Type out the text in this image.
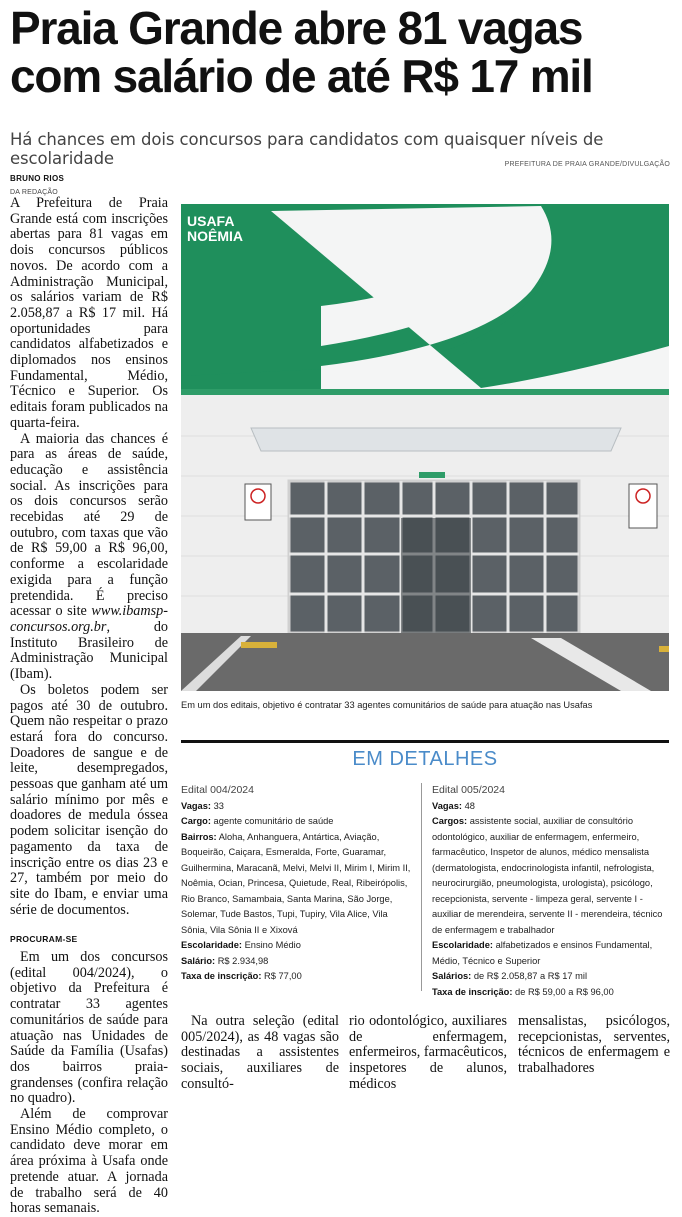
Praia Grande abre 81 vagas com salário de até R$ 17 mil
Há chances em dois concursos para candidatos com quaisquer níveis de escolaridade	PREFEITURA DE PRAIA GRANDE/DIVULGAÇÃO
BRUNO RIOS
DA REDAÇÃO

A Prefeitura de Praia Grande está com inscrições abertas para 81 vagas em dois concursos públicos novos. De acordo com a Administração Municipal, os salários variam de R$ 2.058,87 a R$ 17 mil. Há oportunidades para candidatos alfabetizados e diplomados nos ensinos Fundamental, Médio, Técnico e Superior. Os editais foram publicados na quarta-feira.

A maioria das chances é para as áreas de saúde, educação e assistência social. As inscrições para os dois concursos serão recebidas até 29 de outubro, com taxas que vão de R$ 59,00 a R$ 96,00, conforme a escolaridade exigida para a função pretendida. É preciso acessar o site www.ibamsp-concursos.org.br, do Instituto Brasileiro de Administração Municipal (Ibam).

Os boletos podem ser pagos até 30 de outubro. Quem não respeitar o prazo estará fora do concurso. Doadores de sangue e de leite, desempregados, pessoas que ganham até um salário mínimo por mês e doadores de medula óssea podem solicitar isenção do pagamento da taxa de inscrição entre os dias 23 e 27, também por meio do site do Ibam, e enviar uma série de documentos.

PROCURAM-SE

Em um dos concursos (edital 004/2024), o objetivo da Prefeitura é contratar 33 agentes comunitários de saúde para atuação nas Unidades de Saúde da Família (Usafas) dos bairros praia-grandenses (confira relação no quadro).

Além de comprovar Ensino Médio completo, o candidato deve morar em área próxima à Usafa onde pretende atuar. A jornada de trabalho será de 40 horas semanais.

USAFA
NOÊMIA
Em um dos editais, objetivo é contratar 33 agentes comunitários de saúde para atuação nas Usafas
EM DETALHES
Edital 004/2024
Vagas: 33
Cargo: agente comunitário de saúde
Bairros: Aloha, Anhanguera, Antártica, Aviação, Boqueirão, Caiçara, Esmeralda, Forte, Guaramar, Guilhermina, Maracanã, Melvi, Melvi II, Mirim I, Mirim II, Noêmia, Ocian, Princesa, Quietude, Real, Ribeirópolis, Rio Branco, Samambaia, Santa Marina, São Jorge, Solemar, Tude Bastos, Tupi, Tupiry, Vila Alice, Vila Sônia, Vila Sônia II e Xixová
Escolaridade: Ensino Médio
Salário: R$ 2.934,98
Taxa de inscrição: R$ 77,00
Edital 005/2024
Vagas: 48
Cargos: assistente social, auxiliar de consultório odontológico, auxiliar de enfermagem, enfermeiro, farmacêutico, Inspetor de alunos, médico mensalista (dermatologista, endocrinologista infantil, nefrologista, neurocirurgião, pneumologista, urologista), psicólogo, recepcionista, servente - limpeza geral, servente I - auxiliar de merendeira, servente II - merendeira, técnico de enfermagem e trabalhador
Escolaridade: alfabetizados e ensinos Fundamental, Médio, Técnico e Superior
Salários: de R$ 2.058,87 a R$ 17 mil
Taxa de inscrição: de R$ 59,00 a R$ 96,00
Na outra seleção (edital 005/2024), as 48 vagas são destinadas a assistentes sociais, auxiliares de consultó-
rio odontológico, auxiliares de enfermagem, enfermeiros, farmacêuticos, inspetores de alunos, médicos
mensalistas, psicólogos, recepcionistas, serventes, técnicos de enfermagem e trabalhadores
